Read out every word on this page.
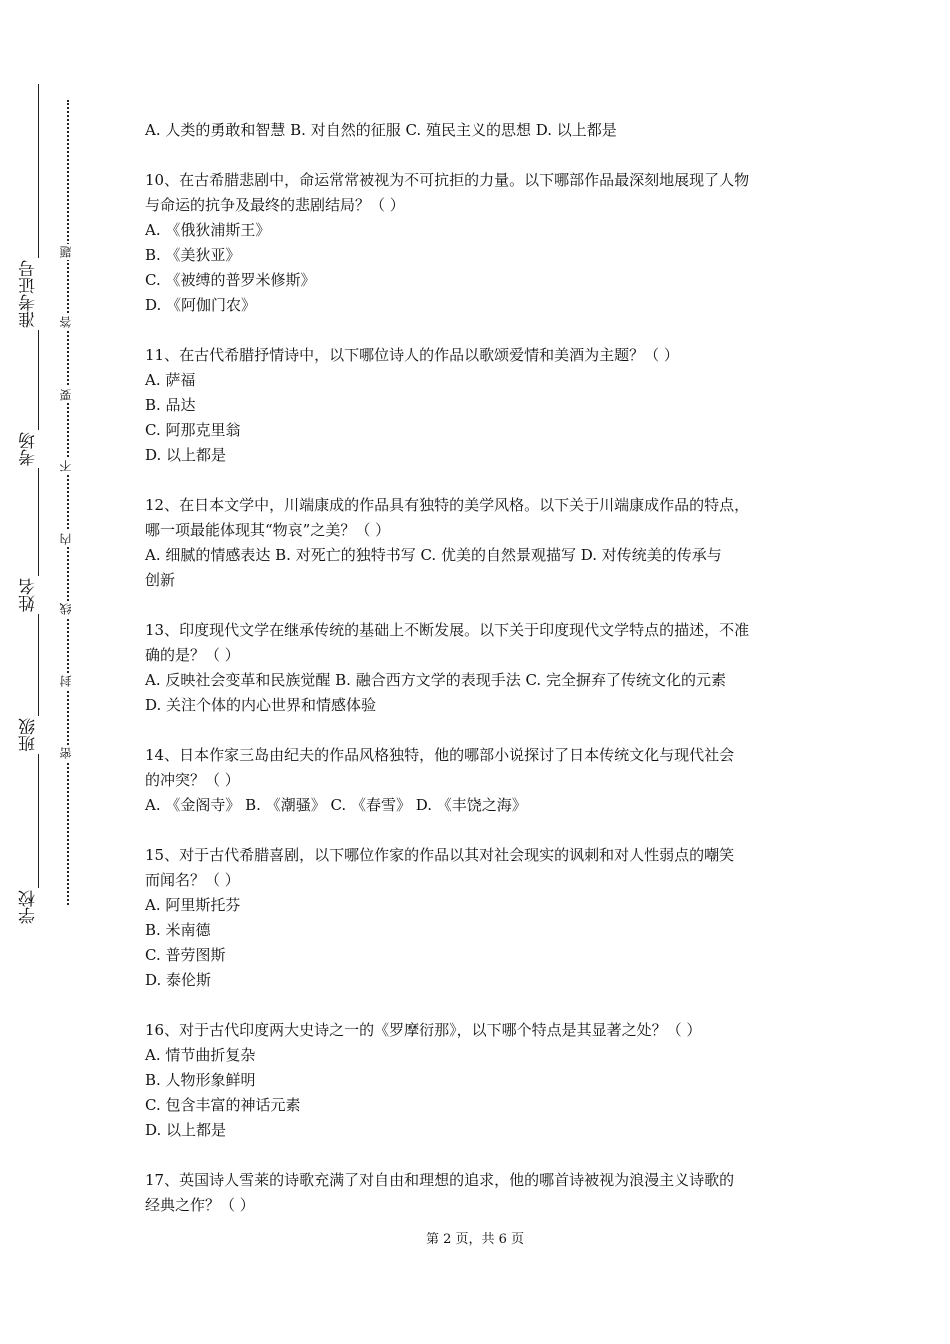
准考证号
考场
姓名
班级
学校
题
答
要
不
内
线
封
密
A. 人类的勇敢和智慧 B. 对自然的征服 C. 殖民主义的思想 D. 以上都是
10、在古希腊悲剧中，命运常常被视为不可抗拒的力量。以下哪部作品最深刻地展现了人物
与命运的抗争及最终的悲剧结局？（ ）
A. 《俄狄浦斯王》
B. 《美狄亚》
C. 《被缚的普罗米修斯》
D. 《阿伽门农》
11、在古代希腊抒情诗中，以下哪位诗人的作品以歌颂爱情和美酒为主题？（ ）
A. 萨福
B. 品达
C. 阿那克里翁
D. 以上都是
12、在日本文学中，川端康成的作品具有独特的美学风格。以下关于川端康成作品的特点，
哪一项最能体现其“物哀”之美？（ ）
A. 细腻的情感表达 B. 对死亡的独特书写 C. 优美的自然景观描写 D. 对传统美的传承与
创新
13、印度现代文学在继承传统的基础上不断发展。以下关于印度现代文学特点的描述，不准
确的是？（ ）
A. 反映社会变革和民族觉醒 B. 融合西方文学的表现手法 C. 完全摒弃了传统文化的元素
D. 关注个体的内心世界和情感体验
14、日本作家三岛由纪夫的作品风格独特，他的哪部小说探讨了日本传统文化与现代社会
的冲突？（ ）
A. 《金阁寺》 B. 《潮骚》 C. 《春雪》 D. 《丰饶之海》
15、对于古代希腊喜剧，以下哪位作家的作品以其对社会现实的讽刺和对人性弱点的嘲笑
而闻名？（ ）
A. 阿里斯托芬
B. 米南德
C. 普劳图斯
D. 泰伦斯
16、对于古代印度两大史诗之一的《罗摩衍那》，以下哪个特点是其显著之处？（ ）
A. 情节曲折复杂
B. 人物形象鲜明
C. 包含丰富的神话元素
D. 以上都是
17、英国诗人雪莱的诗歌充满了对自由和理想的追求，他的哪首诗被视为浪漫主义诗歌的
经典之作？（ ）
第 2 页，共 6 页
